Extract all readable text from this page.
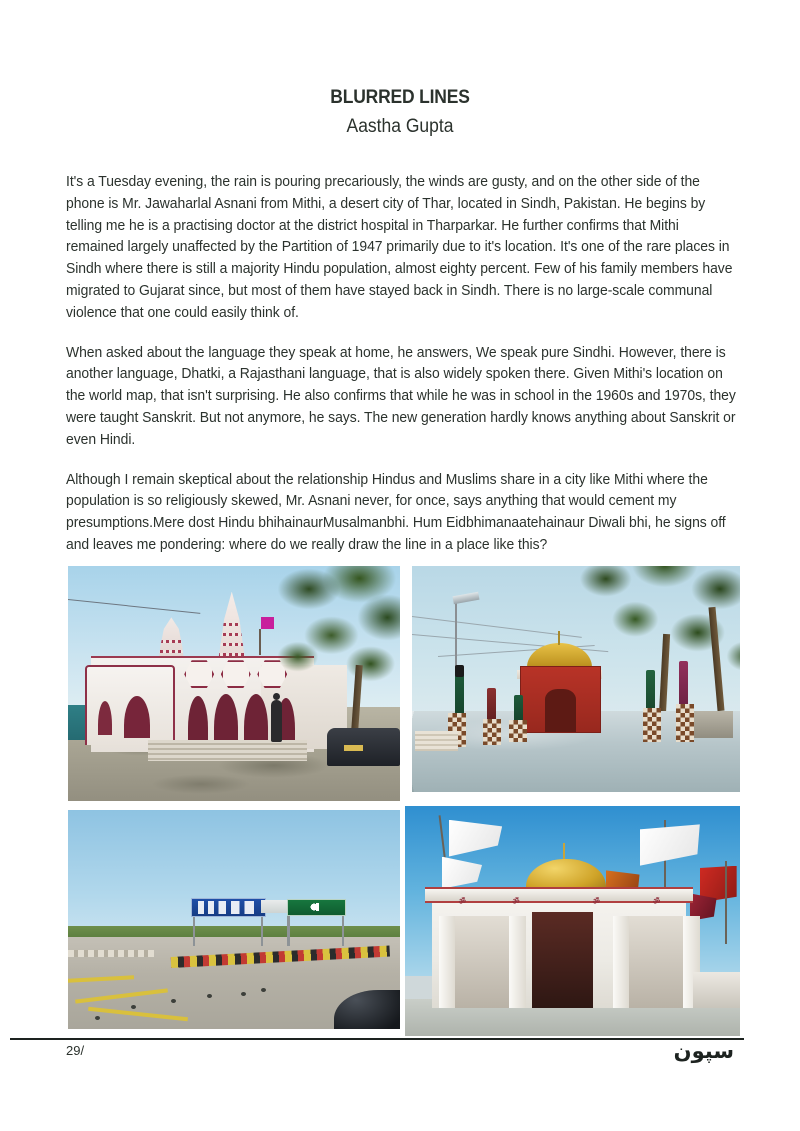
BLURRED LINES
Aastha Gupta

It's a Tuesday evening, the rain is pouring precariously, the winds are gusty, and on the other side of the phone is Mr. Jawaharlal Asnani from Mithi, a desert city of Thar, located in Sindh, Pakistan. He begins by telling me he is a practising doctor at the district hospital in Tharparkar. He further confirms that Mithi remained largely unaffected by the Partition of 1947 primarily due to it's location. It's one of the rare places in Sindh where there is still a majority Hindu population, almost eighty percent. Few of his family members have migrated to Gujarat since, but most of them have stayed back in Sindh. There is no large-scale communal violence that one could easily think of.

When asked about the language they speak at home, he answers, We speak pure Sindhi. However, there is another language, Dhatki, a Rajasthani language, that is also widely spoken there. Given Mithi's location on the world map, that isn't surprising. He also confirms that while he was in school in the 1960s and 1970s, they were taught Sanskrit. But not anymore, he says. The new generation hardly knows anything about Sanskrit or even Hindi.

Although I remain skeptical about the relationship Hindus and Muslims share in a city like Mithi where the population is so religiously skewed, Mr. Asnani never, for once, says anything that would cement my presumptions.Mere dost Hindu bhihainaurMusalmanbhi. Hum Eidbhimanaatehainaur Diwali bhi, he signs off and leaves me pondering: where do we really draw the line in a place like this?

ॐ	ॐ	ॐ	ॐ
29/	سپون
